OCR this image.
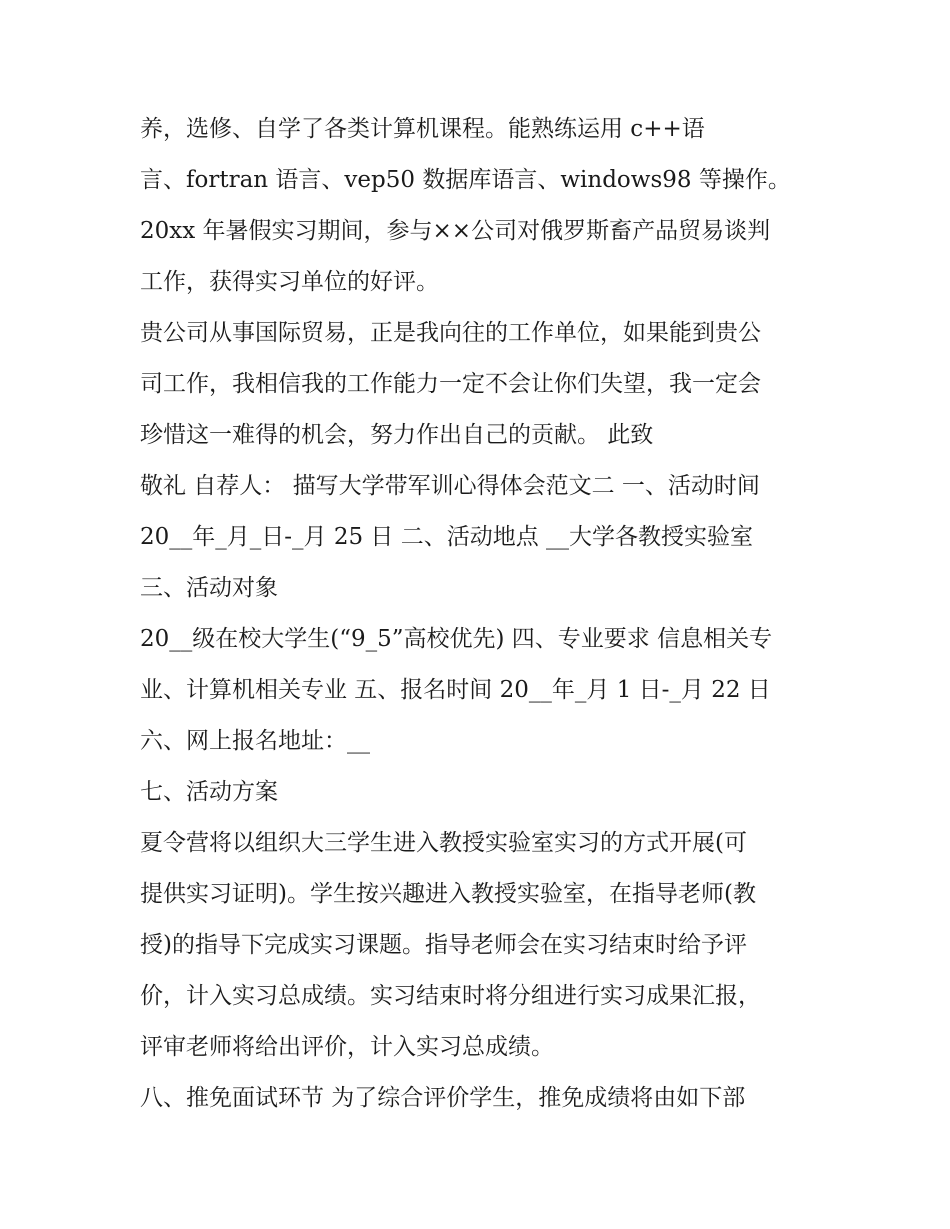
养，选修、自学了各类计算机课程。能熟练运用 c++语
言、fortran 语言、vep50 数据库语言、windows98 等操作。
20xx 年暑假实习期间，参与××公司对俄罗斯畜产品贸易谈判
工作，获得实习单位的好评。
贵公司从事国际贸易，正是我向往的工作单位，如果能到贵公
司工作，我相信我的工作能力一定不会让你们失望，我一定会
珍惜这一难得的机会，努力作出自己的贡献。 此致
敬礼 自荐人： 描写大学带军训心得体会范文二 一、活动时间
20__年_月_日-_月 25 日 二、活动地点 __大学各教授实验室
三、活动对象
20__级在校大学生(“9_5”高校优先) 四、专业要求 信息相关专
业、计算机相关专业 五、报名时间 20__年_月 1 日-_月 22 日
六、网上报名地址：__
七、活动方案
夏令营将以组织大三学生进入教授实验室实习的方式开展(可
提供实习证明)。学生按兴趣进入教授实验室，在指导老师(教
授)的指导下完成实习课题。指导老师会在实习结束时给予评
价，计入实习总成绩。实习结束时将分组进行实习成果汇报，
评审老师将给出评价，计入实习总成绩。
八、推免面试环节 为了综合评价学生，推免成绩将由如下部
